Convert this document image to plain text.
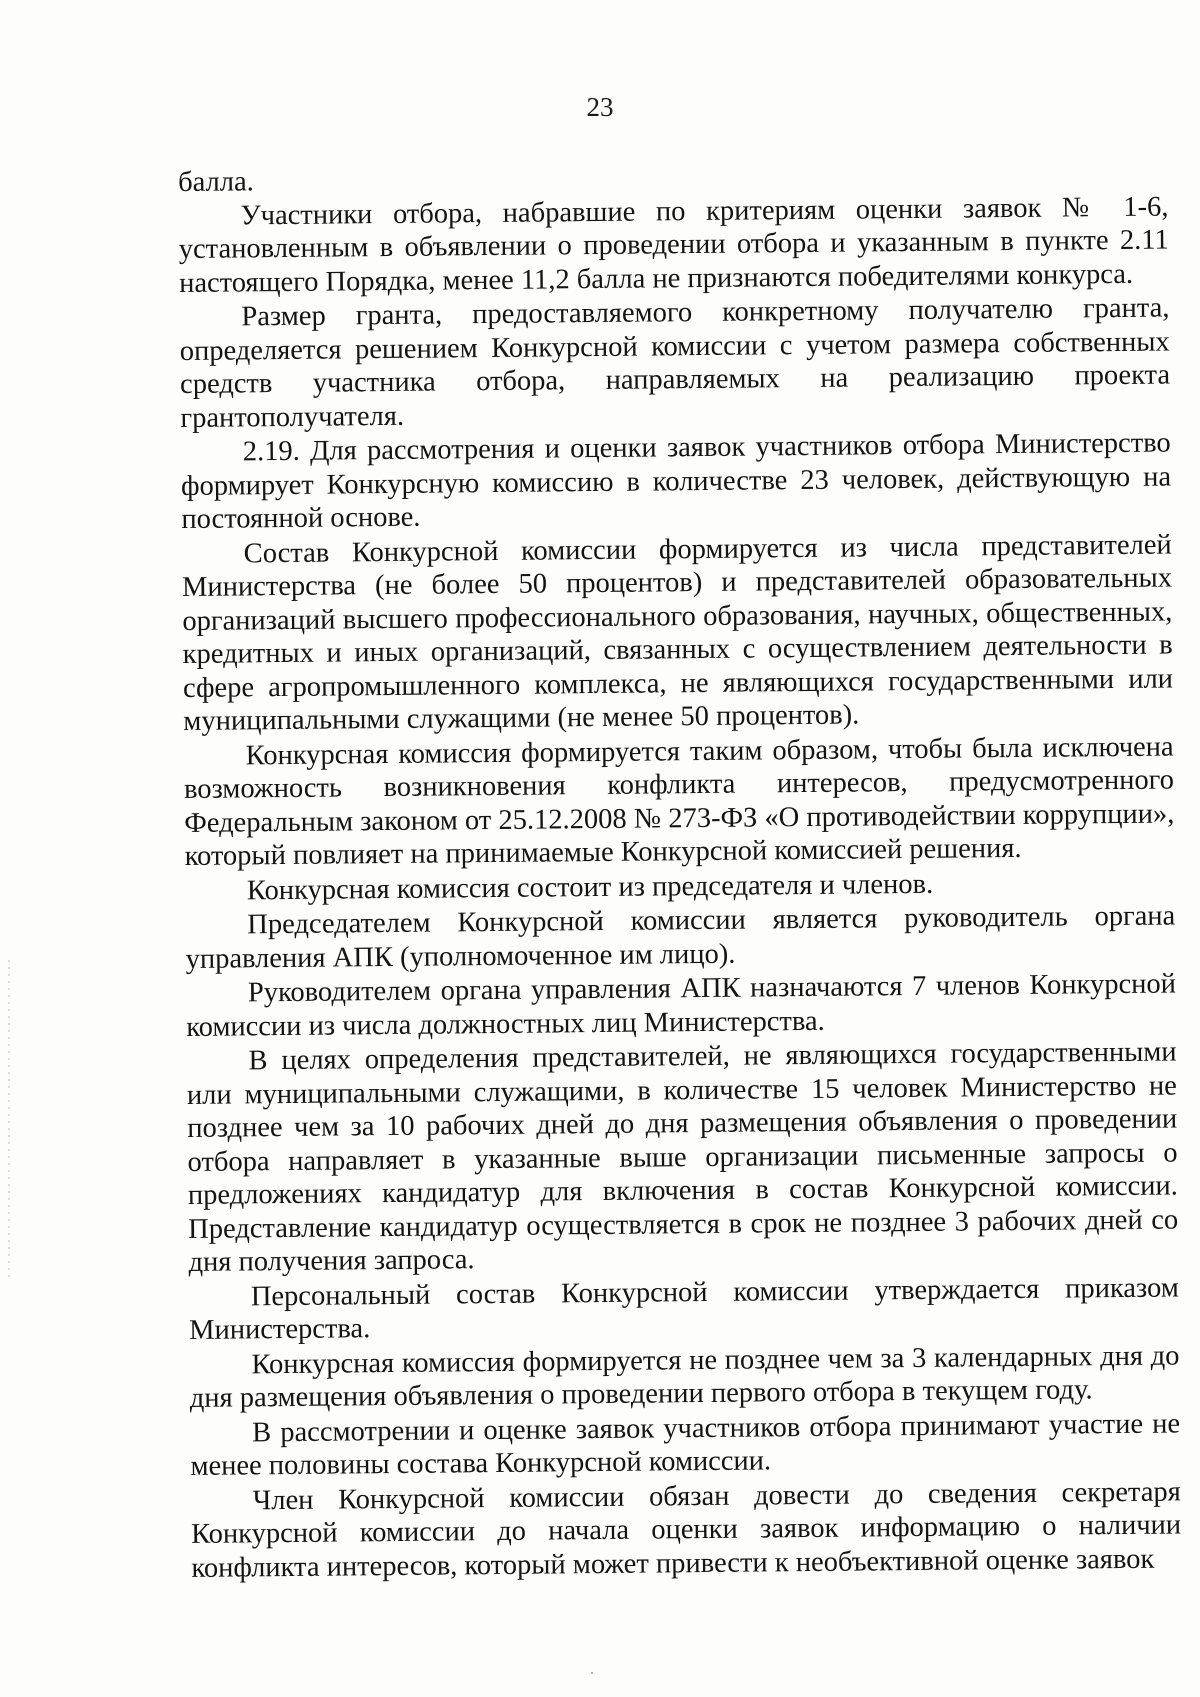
23

балла.

Участники отбора, набравшие по критериям оценки заявок № 1-6, установленным в объявлении о проведении отбора и указанным в пункте 2.11 настоящего Порядка, менее 11,2 балла не признаются победителями конкурса.

Размер гранта, предоставляемого конкретному получателю гранта, определяется решением Конкурсной комиссии с учетом размера собственных средств участника отбора, направляемых на реализацию проекта грантополучателя.

2.19. Для рассмотрения и оценки заявок участников отбора Министерство формирует Конкурсную комиссию в количестве 23 человек, действующую на постоянной основе.

Состав Конкурсной комиссии формируется из числа представителей Министерства (не более 50 процентов) и представителей образовательных организаций высшего профессионального образования, научных, общественных, кредитных и иных организаций, связанных с осуществлением деятельности в сфере агропромышленного комплекса, не являющихся государственными или муниципальными служащими (не менее 50 процентов).

Конкурсная комиссия формируется таким образом, чтобы была исключена возможность возникновения конфликта интересов, предусмотренного Федеральным законом от 25.12.2008 № 273-ФЗ «О противодействии коррупции», который повлияет на принимаемые Конкурсной комиссией решения.

Конкурсная комиссия состоит из председателя и членов.

Председателем Конкурсной комиссии является руководитель органа управления АПК (уполномоченное им лицо).

Руководителем органа управления АПК назначаются 7 членов Конкурсной комиссии из числа должностных лиц Министерства.

В целях определения представителей, не являющихся государственными или муниципальными служащими, в количестве 15 человек Министерство не позднее чем за 10 рабочих дней до дня размещения объявления о проведении отбора направляет в указанные выше организации письменные запросы о предложениях кандидатур для включения в состав Конкурсной комиссии. Представление кандидатур осуществляется в срок не позднее 3 рабочих дней со дня получения запроса.

Персональный состав Конкурсной комиссии утверждается приказом Министерства.

Конкурсная комиссия формируется не позднее чем за 3 календарных дня до дня размещения объявления о проведении первого отбора в текущем году.

В рассмотрении и оценке заявок участников отбора принимают участие не менее половины состава Конкурсной комиссии.

Член Конкурсной комиссии обязан довести до сведения секретаря Конкурсной комиссии до начала оценки заявок информацию о наличии конфликта интересов, который может привести к необъективной оценке заявок
